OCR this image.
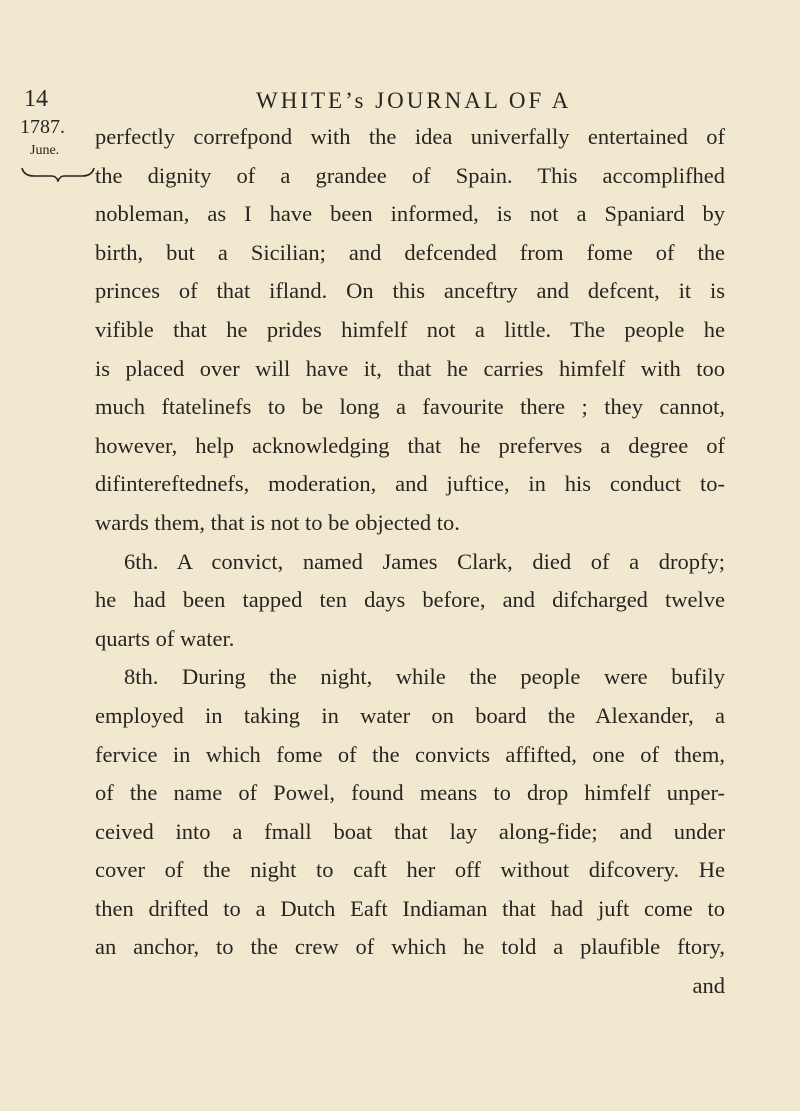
14	WHITE’s JOURNAL OF A
1787.
June.
perfectly correfpond with the idea univerfally entertained of
the dignity of a grandee of Spain. This accomplifhed
nobleman, as I have been informed, is not a Spaniard by
birth, but a Sicilian; and defcended from fome of the
princes of that ifland. On this anceftry and defcent, it is
vifible that he prides himfelf not a little. The people he
is placed over will have it, that he carries himfelf with too
much ftatelinefs to be long a favourite there ; they cannot,
however, help acknowledging that he preferves a degree of
difintereftednefs, moderation, and juftice, in his conduct to-
wards them, that is not to be objected to.
6th. A convict, named James Clark, died of a dropfy;
he had been tapped ten days before, and difcharged twelve
quarts of water.
8th. During the night, while the people were bufily
employed in taking in water on board the Alexander, a
fervice in which fome of the convicts affifted, one of them,
of the name of Powel, found means to drop himfelf unper-
ceived into a fmall boat that lay along-fide; and under
cover of the night to caft her off without difcovery. He
then drifted to a Dutch Eaft Indiaman that had juft come to
an anchor, to the crew of which he told a plaufible ftory,
and
